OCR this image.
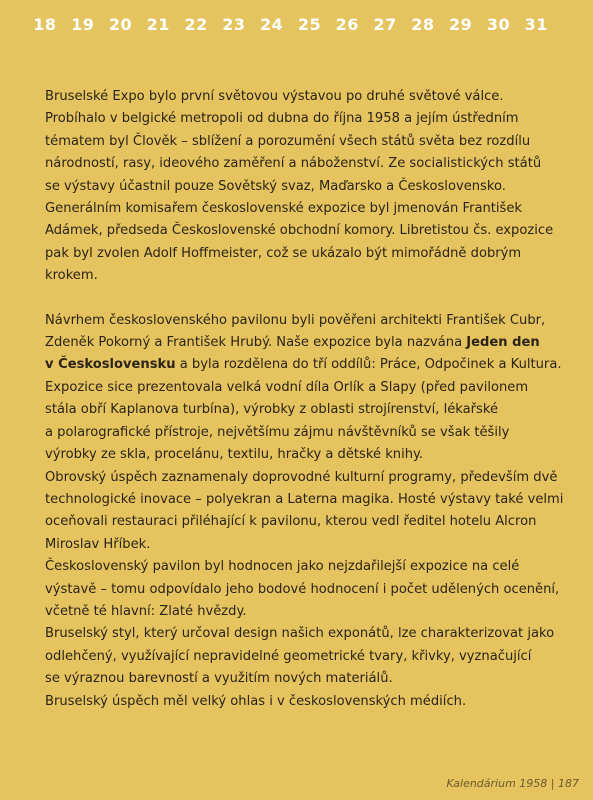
18 19 20 21 22 23 24 25 26 27 28 29 30 31
Bruselské Expo bylo první světovou výstavou po druhé světové válce.
Probíhalo v belgické metropoli od dubna do října 1958 a jejím ústředním
tématem byl Člověk – sblížení a porozumění všech států světa bez rozdílu
národností, rasy, ideového zaměření a náboženství. Ze socialistických států
se výstavy účastnil pouze Sovětský svaz, Maďarsko a Československo.
Generálním komisařem československé expozice byl jmenován František
Adámek, předseda Československé obchodní komory. Libretistou čs. expozice
pak byl zvolen Adolf Hoffmeister, což se ukázalo být mimořádně dobrým
krokem.
Návrhem československého pavilonu byli pověřeni architekti František Cubr,
Zdeněk Pokorný a František Hrubý. Naše expozice byla nazvána Jeden den
v Československu a byla rozdělena do tří oddílů: Práce, Odpočinek a Kultura.
Expozice sice prezentovala velká vodní díla Orlík a Slapy (před pavilonem
stála obří Kaplanova turbína), výrobky z oblasti strojírenství, lékařské
a polarografické přístroje, největšímu zájmu návštěvníků se však těšily
výrobky ze skla, procelánu, textilu, hračky a dětské knihy.
Obrovský úspěch zaznamenaly doprovodné kulturní programy, především dvě
technologické inovace – polyekran a Laterna magika. Hosté výstavy také velmi
oceňovali restauraci přiléhající k pavilonu, kterou vedl ředitel hotelu Alcron
Miroslav Hříbek.
Československý pavilon byl hodnocen jako nejzdařilejší expozice na celé
výstavě – tomu odpovídalo jeho bodové hodnocení i počet udělených ocenění,
včetně té hlavní: Zlaté hvězdy.
Bruselský styl, který určoval design našich exponátů, lze charakterizovat jako
odlehčený, využívající nepravidelné geometrické tvary, křivky, vyznačující
se výraznou barevností a využitím nových materiálů.
Bruselský úspěch měl velký ohlas i v československých médiích.
Kalendárium 1958 | 187
